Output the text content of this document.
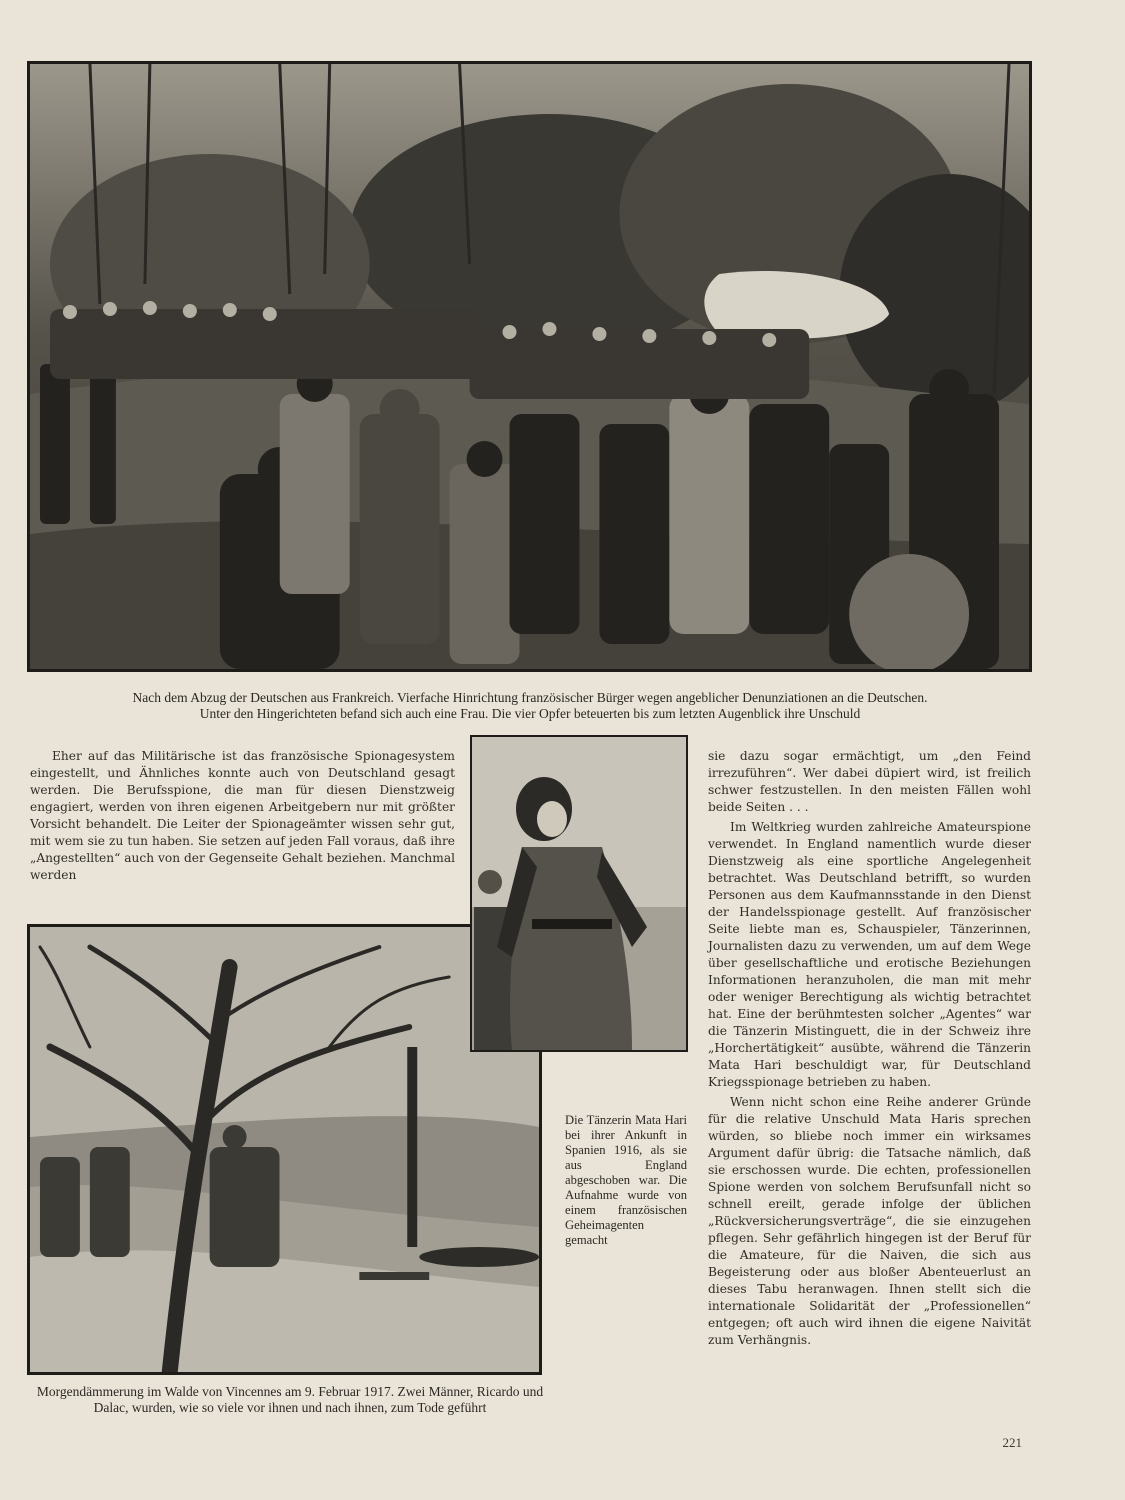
Nach dem Abzug der Deutschen aus Frankreich. Vierfache Hinrichtung französischer Bürger wegen angeblicher Denunziationen an die Deutschen.
Unter den Hingerichteten befand sich auch eine Frau. Die vier Opfer beteuerten bis zum letzten Augenblick ihre Unschuld

Eher auf das Militärische ist das französische Spionagesystem eingestellt, und Ähnliches konnte auch von Deutschland gesagt werden. Die Berufsspione, die man für diesen Dienstzweig engagiert, werden von ihren eigenen Arbeitgebern nur mit größter Vorsicht behandelt. Die Leiter der Spionageämter wissen sehr gut, mit wem sie zu tun haben. Sie setzen auf jeden Fall voraus, daß ihre „Angestellten“ auch von der Gegenseite Gehalt beziehen. Manchmal werden

Morgendämmerung im Walde von Vincennes am 9. Februar 1917. Zwei Männer, Ricardo und Dalac, wurden, wie so viele vor ihnen und nach ihnen, zum Tode geführt
Die Tänzerin Mata Hari bei ihrer Ankunft in Spanien 1916, als sie aus England abgeschoben war. Die Aufnahme wurde von einem französischen Geheimagenten gemacht

sie dazu sogar ermächtigt, um „den Feind irrezuführen“. Wer dabei düpiert wird, ist freilich schwer festzustellen. In den meisten Fällen wohl beide Seiten . . .

Im Weltkrieg wurden zahlreiche Amateurspione verwendet. In England namentlich wurde dieser Dienstzweig als eine sportliche Angelegenheit betrachtet. Was Deutschland betrifft, so wurden Personen aus dem Kaufmannsstande in den Dienst der Handelsspionage gestellt. Auf französischer Seite liebte man es, Schauspieler, Tänzerinnen, Journalisten dazu zu verwenden, um auf dem Wege über gesellschaftliche und erotische Beziehungen Informationen heranzuholen, die man mit mehr oder weniger Berechtigung als wichtig betrachtet hat. Eine der berühmtesten solcher „Agentes“ war die Tänzerin Mistinguett, die in der Schweiz ihre „Horchertätigkeit“ ausübte, während die Tänzerin Mata Hari beschuldigt war, für Deutschland Kriegsspionage betrieben zu haben.

Wenn nicht schon eine Reihe anderer Gründe für die relative Unschuld Mata Haris sprechen würden, so bliebe noch immer ein wirksames Argument dafür übrig: die Tatsache nämlich, daß sie erschossen wurde. Die echten, professionellen Spione werden von solchem Berufsunfall nicht so schnell ereilt, gerade infolge der üblichen „Rückversicherungsverträge“, die sie einzugehen pflegen. Sehr gefährlich hingegen ist der Beruf für die Amateure, für die Naiven, die sich aus Begeisterung oder aus bloßer Abenteuerlust an dieses Tabu heranwagen. Ihnen stellt sich die internationale Solidarität der „Professionellen“ entgegen; oft auch wird ihnen die eigene Naivität zum Verhängnis.

221
